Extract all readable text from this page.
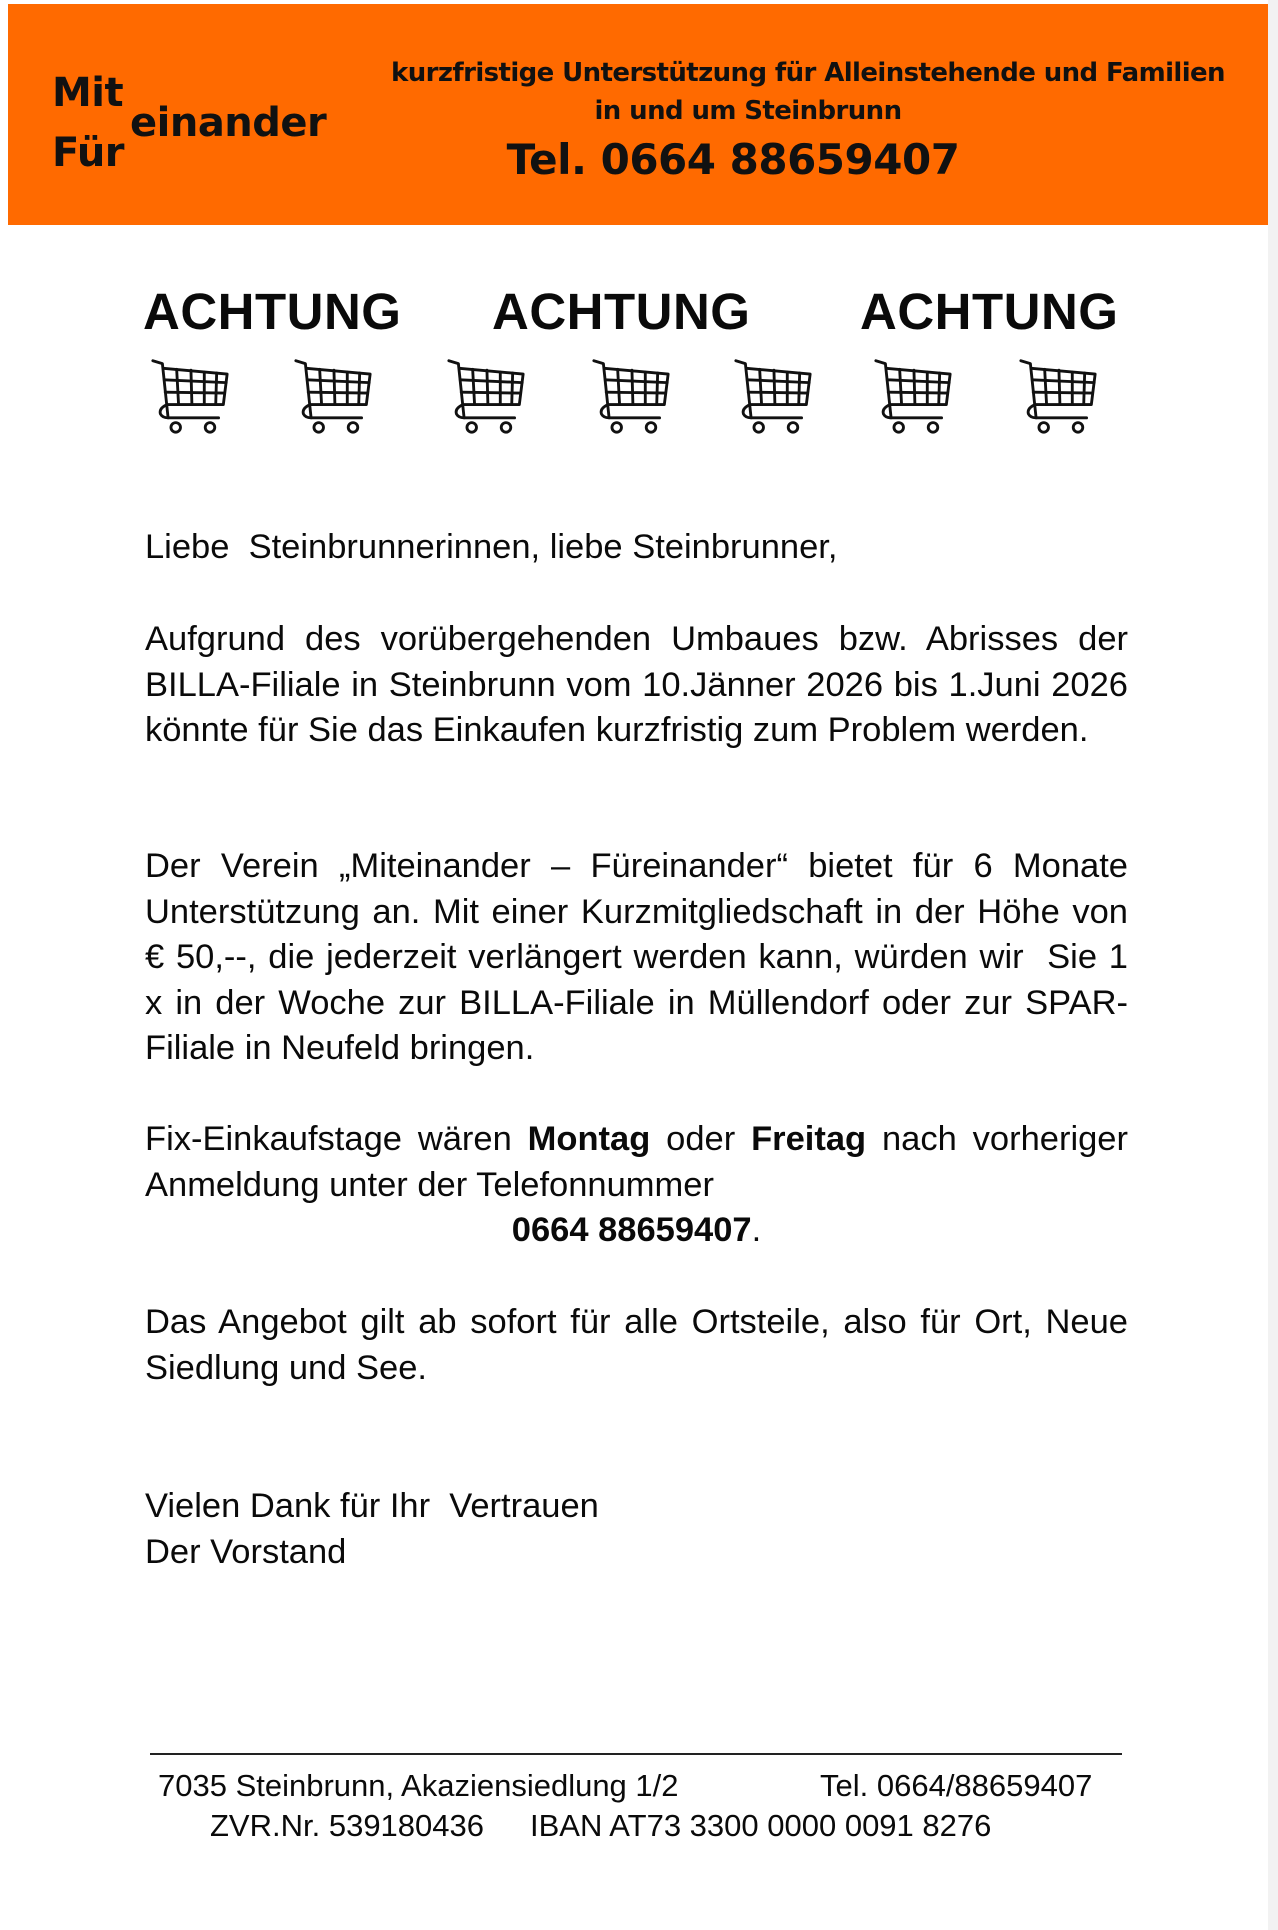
Mit
Für
einander
kurzfristige Unterstützung für Alleinstehende und Familien
in und um Steinbrunn
Tel. 0664 88659407
ACHTUNG ACHTUNG ACHTUNG
Liebe  Steinbrunnerinnen, liebe Steinbrunner,

Aufgrund des vorübergehenden Umbaues bzw. Abrisses der BILLA-Filiale in Steinbrunn vom 10.Jänner 2026 bis 1.Juni 2026 könnte für Sie das Einkaufen kurzfristig zum Problem werden.

Der Verein „Miteinander – Füreinander“ bietet für 6 Monate Unterstützung an. Mit einer Kurzmitgliedschaft in der Höhe von € 50,--, die jederzeit verlängert werden kann, würden wir  Sie 1 x in der Woche zur BILLA-Filiale in Müllendorf oder zur SPAR-Filiale in Neufeld bringen.

Fix-Einkaufstage wären Montag oder Freitag nach vorheriger Anmeldung unter der Telefonnummer
0664 88659407.

Das Angebot gilt ab sofort für alle Ortsteile, also für Ort, Neue Siedlung und See.

Vielen Dank für Ihr  Vertrauen
Der Vorstand
7035 Steinbrunn, Akaziensiedlung 1/2	Tel. 0664/88659407
ZVR.Nr. 539180436 IBAN AT73 3300 0000 0091 8276
